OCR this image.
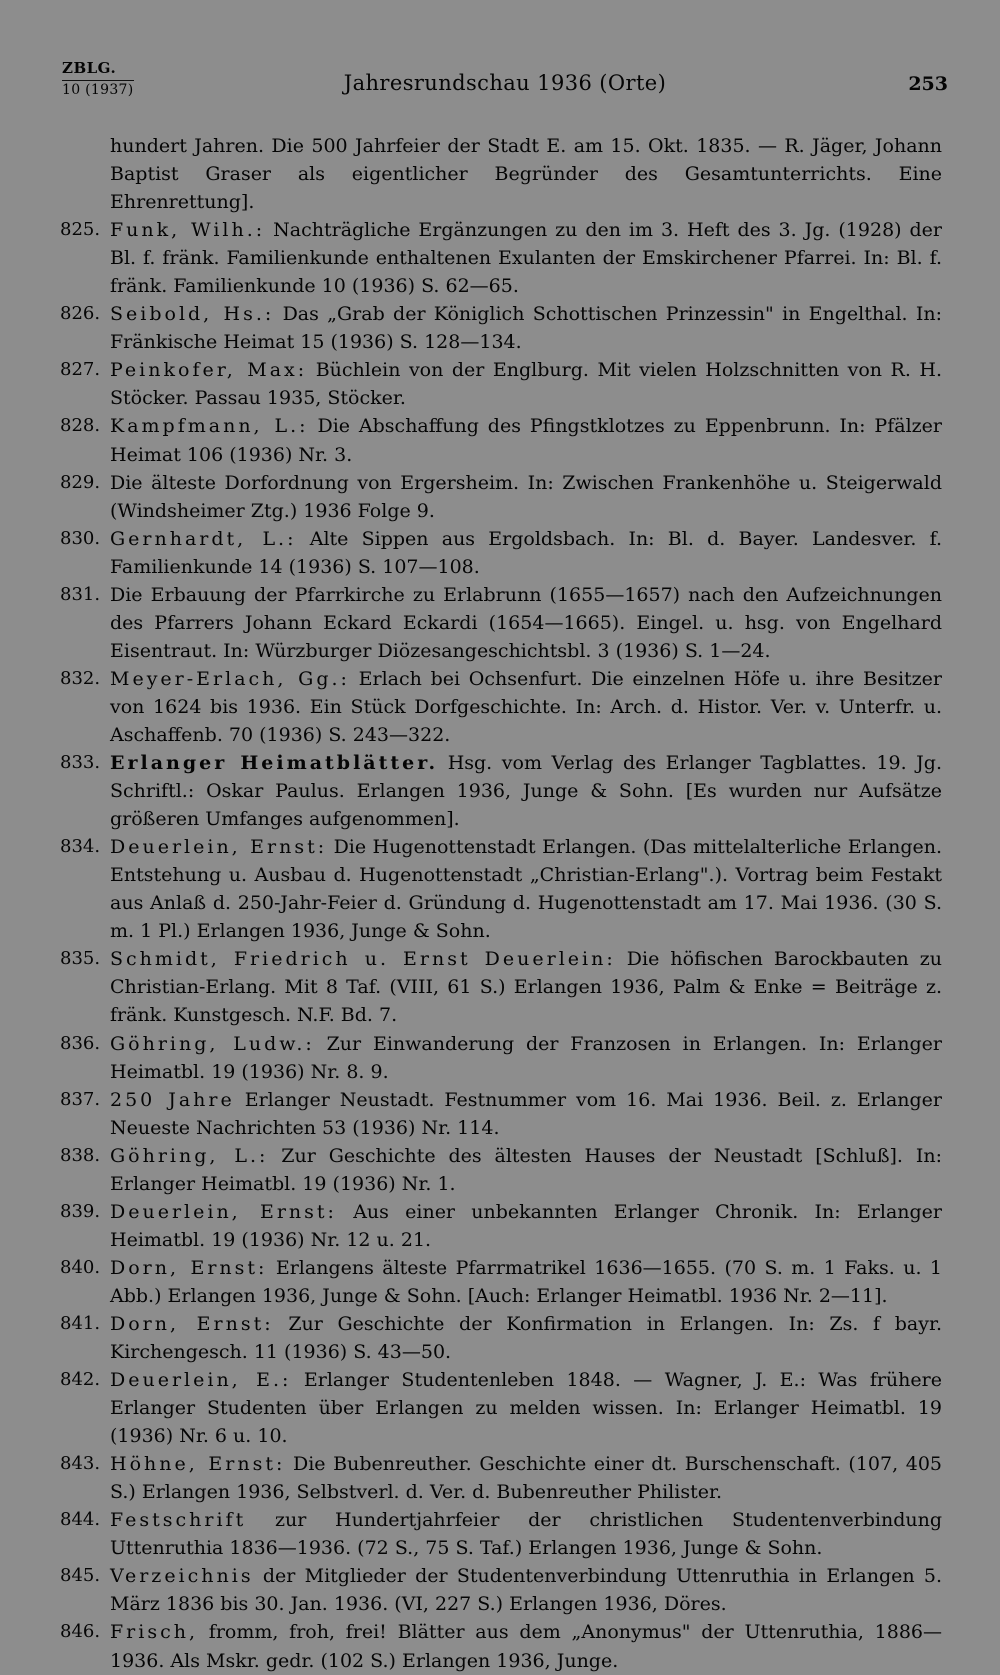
ZBLG.
10 (1937)	Jahresrundschau 1936 (Orte)	253

hundert Jahren. Die 500 Jahrfeier der Stadt E. am 15. Okt. 1835. — R. Jäger, Johann Baptist Graser als eigentlicher Begründer des Gesamtunterrichts. Eine Ehrenrettung].

825. Funk, Wilh.: Nachträgliche Ergänzungen zu den im 3. Heft des 3. Jg. (1928) der Bl. f. fränk. Familienkunde enthaltenen Exulanten der Emskirchener Pfarrei. In: Bl. f. fränk. Familienkunde 10 (1936) S. 62—65.

826. Seibold, Hs.: Das „Grab der Königlich Schottischen Prinzessin" in Engelthal. In: Fränkische Heimat 15 (1936) S. 128—134.

827. Peinkofer, Max: Büchlein von der Englburg. Mit vielen Holzschnitten von R. H. Stöcker. Passau 1935, Stöcker.

828. Kampfmann, L.: Die Abschaffung des Pfingstklotzes zu Eppenbrunn. In: Pfälzer Heimat 106 (1936) Nr. 3.

829. Die älteste Dorfordnung von Ergersheim. In: Zwischen Frankenhöhe u. Steigerwald (Windsheimer Ztg.) 1936 Folge 9.

830. Gernhardt, L.: Alte Sippen aus Ergoldsbach. In: Bl. d. Bayer. Landesver. f. Familienkunde 14 (1936) S. 107—108.

831. Die Erbauung der Pfarrkirche zu Erlabrunn (1655—1657) nach den Aufzeichnungen des Pfarrers Johann Eckard Eckardi (1654—1665). Eingel. u. hsg. von Engelhard Eisentraut. In: Würzburger Diözesangeschichtsbl. 3 (1936) S. 1—24.

832. Meyer-Erlach, Gg.: Erlach bei Ochsenfurt. Die einzelnen Höfe u. ihre Besitzer von 1624 bis 1936. Ein Stück Dorfgeschichte. In: Arch. d. Histor. Ver. v. Unterfr. u. Aschaffenb. 70 (1936) S. 243—322.

833. Erlanger Heimatblätter. Hsg. vom Verlag des Erlanger Tagblattes. 19. Jg. Schriftl.: Oskar Paulus. Erlangen 1936, Junge & Sohn. [Es wurden nur Aufsätze größeren Umfanges aufgenommen].

834. Deuerlein, Ernst: Die Hugenottenstadt Erlangen. (Das mittelalterliche Erlangen. Entstehung u. Ausbau d. Hugenottenstadt „Christian-Erlang".). Vortrag beim Festakt aus Anlaß d. 250-Jahr-Feier d. Gründung d. Hugenottenstadt am 17. Mai 1936. (30 S. m. 1 Pl.) Erlangen 1936, Junge & Sohn.

835. Schmidt, Friedrich u. Ernst Deuerlein: Die höfischen Barockbauten zu Christian-Erlang. Mit 8 Taf. (VIII, 61 S.) Erlangen 1936, Palm & Enke = Beiträge z. fränk. Kunstgesch. N.F. Bd. 7.

836. Göhring, Ludw.: Zur Einwanderung der Franzosen in Erlangen. In: Erlanger Heimatbl. 19 (1936) Nr. 8. 9.

837. 250 Jahre Erlanger Neustadt. Festnummer vom 16. Mai 1936. Beil. z. Erlanger Neueste Nachrichten 53 (1936) Nr. 114.

838. Göhring, L.: Zur Geschichte des ältesten Hauses der Neustadt [Schluß]. In: Erlanger Heimatbl. 19 (1936) Nr. 1.

839. Deuerlein, Ernst: Aus einer unbekannten Erlanger Chronik. In: Erlanger Heimatbl. 19 (1936) Nr. 12 u. 21.

840. Dorn, Ernst: Erlangens älteste Pfarrmatrikel 1636—1655. (70 S. m. 1 Faks. u. 1 Abb.) Erlangen 1936, Junge & Sohn. [Auch: Erlanger Heimatbl. 1936 Nr. 2—11].

841. Dorn, Ernst: Zur Geschichte der Konfirmation in Erlangen. In: Zs. f bayr. Kirchengesch. 11 (1936) S. 43—50.

842. Deuerlein, E.: Erlanger Studentenleben 1848. — Wagner, J. E.: Was frühere Erlanger Studenten über Erlangen zu melden wissen. In: Erlanger Heimatbl. 19 (1936) Nr. 6 u. 10.

843. Höhne, Ernst: Die Bubenreuther. Geschichte einer dt. Burschenschaft. (107, 405 S.) Erlangen 1936, Selbstverl. d. Ver. d. Bubenreuther Philister.

844. Festschrift zur Hundertjahrfeier der christlichen Studentenverbindung Uttenruthia 1836—1936. (72 S., 75 S. Taf.) Erlangen 1936, Junge & Sohn.

845. Verzeichnis der Mitglieder der Studentenverbindung Uttenruthia in Erlangen 5. März 1836 bis 30. Jan. 1936. (VI, 227 S.) Erlangen 1936, Döres.

846. Frisch, fromm, froh, frei! Blätter aus dem „Anonymus" der Uttenruthia, 1886—1936. Als Mskr. gedr. (102 S.) Erlangen 1936, Junge.
